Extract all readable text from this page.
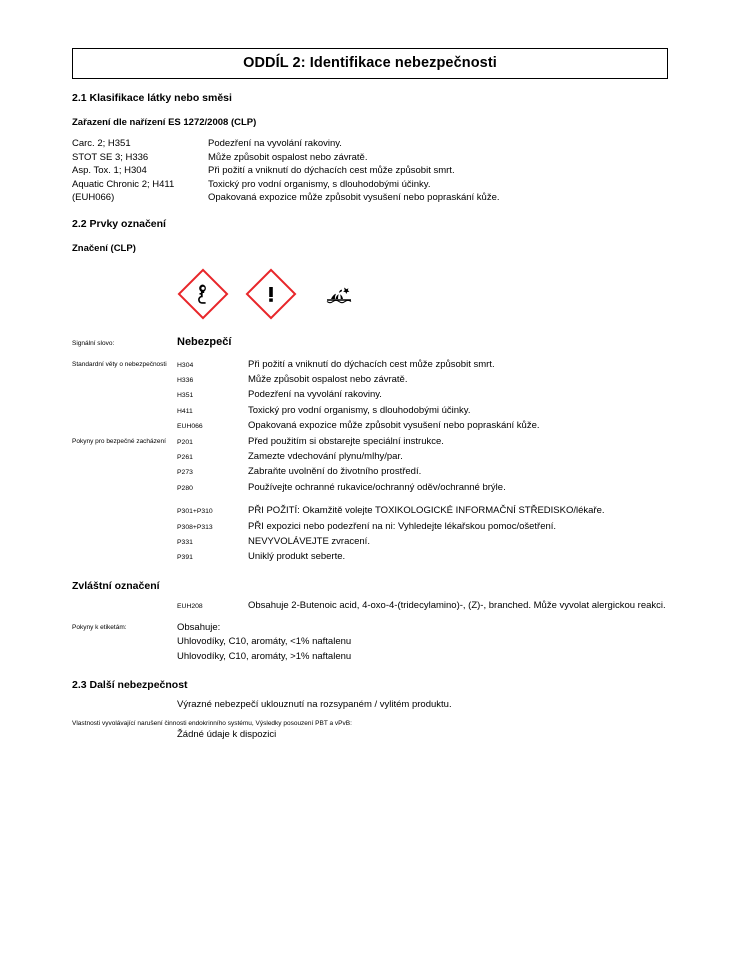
ODDÍL 2: Identifikace nebezpečnosti
2.1 Klasifikace látky nebo směsi
Zařazení dle nařízení ES 1272/2008 (CLP)
Carc. 2; H351	Podezření na vyvolání rakoviny.
STOT SE 3; H336	Může způsobit ospalost nebo závratě.
Asp. Tox. 1; H304	Při požití a vniknutí do dýchacích cest může způsobit smrt.
Aquatic Chronic 2; H411	Toxický pro vodní organismy, s dlouhodobými účinky.
(EUH066)	Opakovaná expozice může způsobit vysušení nebo popraskání kůže.
2.2 Prvky označení
Značení (CLP)
Signální slovo:	Nebezpečí
Standardní věty o nebezpečnosti	H304	Při požití a vniknutí do dýchacích cest může způsobit smrt.
H336	Může způsobit ospalost nebo závratě.
H351	Podezření na vyvolání rakoviny.
H411	Toxický pro vodní organismy, s dlouhodobými účinky.
EUH066	Opakovaná expozice může způsobit vysušení nebo popraskání kůže.
Pokyny pro bezpečné zacházení	P201	Před použitím si obstarejte speciální instrukce.
P261	Zamezte vdechování plynu/mlhy/par.
P273	Zabraňte uvolnění do životního prostředí.
P280	Používejte ochranné rukavice/ochranný oděv/ochranné brýle.
P301+P310	PŘI POŽITÍ: Okamžitě volejte TOXIKOLOGICKÉ INFORMAČNÍ STŘEDISKO/lékaře.
P308+P313	PŘI expozici nebo podezření na ni: Vyhledejte lékařskou pomoc/ošetření.
P331	NEVYVOLÁVEJTE zvracení.
P391	Uniklý produkt seberte.
Zvláštní označení
EUH208	Obsahuje 2-Butenoic acid, 4-oxo-4-(tridecylamino)-, (Z)-, branched. Může vyvolat alergickou reakci.
Pokyny k etiketám:	Obsahuje:
Uhlovodíky, C10, aromáty, <1% naftalenu
Uhlovodíky, C10, aromáty, >1% naftalenu
2.3 Další nebezpečnost
Výrazné nebezpečí uklouznutí na rozsypaném / vylitém produktu.
Vlastnosti vyvolávající narušení činnosti endokrinního systému, Výsledky posouzení PBT a vPvB:
Žádné údaje k dispozici
